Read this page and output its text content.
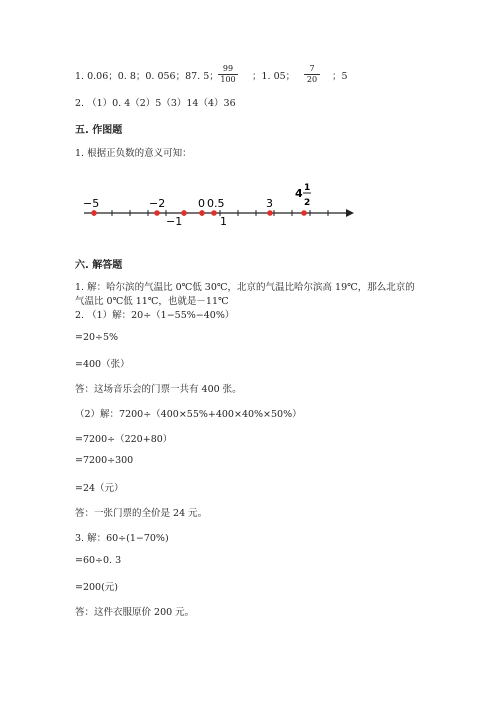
1. 0.06；0. 8；0. 056；87. 5；
99
100 ；1. 05；
7
20	；5
2. （1）0. 4（2）5（3）14（4）36
五. 作图题
1. 根据正负数的意义可知：
−5	−2
−1
0 0.5
1
3
4 1
2
六. 解答题
1. 解：哈尔滨的气温比 0℃低 30℃，北京的气温比哈尔滨高 19℃，那么北京的
气温比 0℃低 11℃，也就是－11℃
2. （1）解：20÷（1−55%−40%）
=20÷5%
=400（张）
答：这场音乐会的门票一共有 400 张。
（2）解：7200÷（400×55%+400×40%×50%）
=7200÷（220+80）
=7200÷300
=24（元）
答：一张门票的全价是 24 元。
3. 解：60÷(1−70%)
=60÷0. 3
=200(元)
答：这件衣服原价 200 元。
